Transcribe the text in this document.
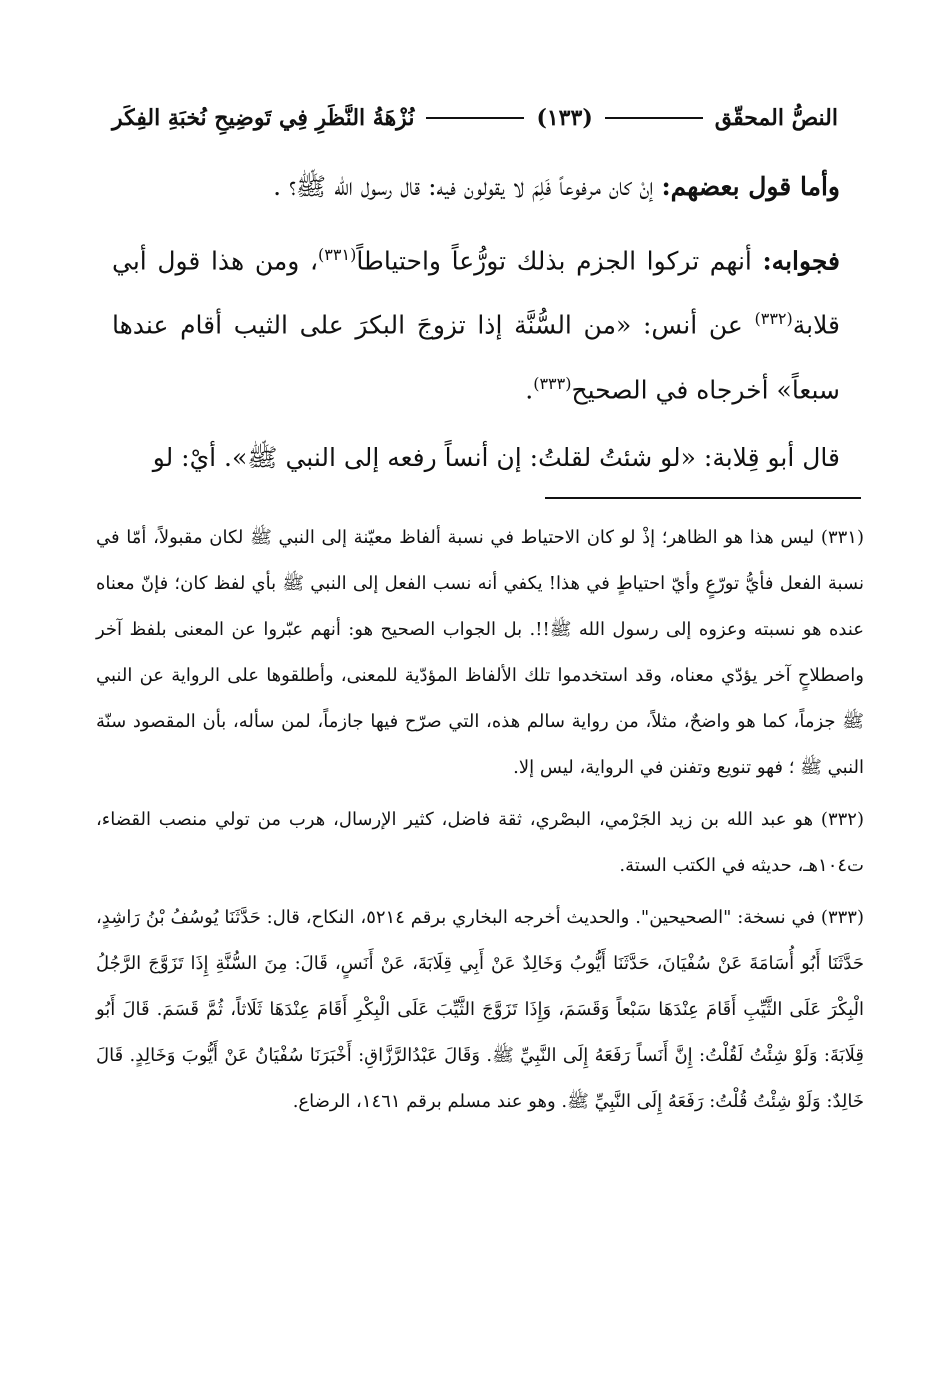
النصُّ المحقّق
(١٣٣)
نُزْهَةُ النَّظَرِ فِي تَوضِيحِ نُخبَةِ الفِكَر

وأما قول بعضهم: إنْ كان مرفوعاً فَلِمَ لا يقولون فيه: قال رسول الله ﷺ؟ .

فجوابه: أنهم تركوا الجزم بذلك تورُّعاً واحتياطاً$^{(٣٣١)}$، ومن هذا قول أبي قلابة$^{(٣٣٢)}$ عن أنس: «من السُّنَّة إذا تزوجَ البكرَ على الثيب أقام عندها سبعاً» أخرجاه في الصحيح$^{(٣٣٣)}$.

قال أبو قِلابة: «لو شئتُ لقلتُ: إن أنساً رفعه إلى النبي ﷺ». أيْ: لو

(٣٣١) ليس هذا هو الظاهر؛ إذْ لو كان الاحتياط في نسبة ألفاظ معيّنة إلى النبي ﷺ لكان مقبولاً، أمّا في نسبة الفعل فأيُّ تورّعٍ وأيّ احتياطٍ في هذا! يكفي أنه نسب الفعل إلى النبي ﷺ بأي لفظ كان؛ فإنّ معناه عنده هو نسبته وعزوه إلى رسول الله ﷺ!!. بل الجواب الصحيح هو: أنهم عبّروا عن المعنى بلفظ آخر واصطلاحٍ آخر يؤدّي معناه، وقد استخدموا تلك الألفاظ المؤدّية للمعنى، وأطلقوها على الرواية عن النبي ﷺ جزماً، كما هو واضحٌ، مثلاً، من رواية سالم هذه، التي صرّح فيها جازماً، لمن سأله، بأن المقصود سنّة النبي ﷺ ؛ فهو تنويع وتفنن في الرواية، ليس إلا.

(٣٣٢) هو عبد الله بن زيد الجَرْمي، البصْري، ثقة فاضل، كثير الإرسال، هرب من تولي منصب القضاء، ت١٠٤هـ، حديثه في الكتب الستة.

(٣٣٣) في نسخة: "الصحيحين". والحديث أخرجه البخاري برقم ٥٢١٤، النكاح، قال: حَدَّثَنَا يُوسُفُ بْنُ رَاشِدٍ، حَدَّثَنَا أَبُو أُسَامَةَ عَنْ سُفْيَانَ، حَدَّثَنَا أَيُّوبُ وَخَالِدٌ عَنْ أَبِي قِلَابَةَ، عَنْ أَنَسٍ، قَالَ: مِنَ السُّنَّةِ إِذَا تَزَوَّجَ الرَّجُلُ الْبِكْرَ عَلَى الثَّيِّبِ أَقَامَ عِنْدَهَا سَبْعاً وَقَسَمَ، وَإِذَا تَزَوَّجَ الثَّيِّبَ عَلَى الْبِكْرِ أَقَامَ عِنْدَهَا ثَلَاثاً، ثُمَّ قَسَمَ. قَالَ أَبُو قِلَابَةَ: وَلَوْ شِئْتُ لَقُلْتُ: إِنَّ أَنَساً رَفَعَهُ إِلَى النَّبِيِّ ﷺ. وَقَالَ عَبْدُالرَّزَّاقِ: أَخْبَرَنَا سُفْيَانُ عَنْ أَيُّوبَ وَخَالِدٍ. قَالَ خَالِدٌ: وَلَوْ شِئْتُ قُلْتُ: رَفَعَهُ إِلَى النَّبِيِّ ﷺ. وهو عند مسلم برقم ١٤٦١، الرضاع.
